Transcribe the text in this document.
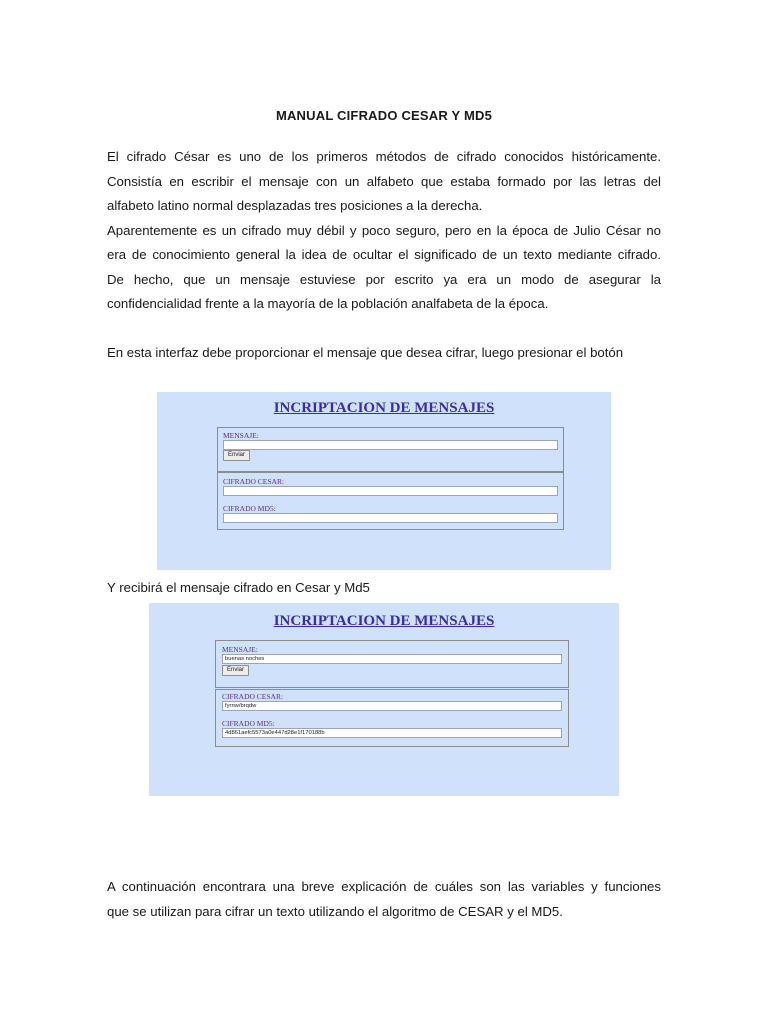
MANUAL CIFRADO CESAR Y MD5
El cifrado César es uno de los primeros métodos de cifrado conocidos históricamente.
Consistía en escribir el mensaje con un alfabeto que estaba formado por las letras del
alfabeto latino normal desplazadas tres posiciones a la derecha.
Aparentemente es un cifrado muy débil y poco seguro, pero en la época de Julio César no
era de conocimiento general la idea de ocultar el significado de un texto mediante cifrado.
De hecho, que un mensaje estuviese por escrito ya era un modo de asegurar la
confidencialidad frente a la mayoría de la población analfabeta de la época.
En esta interfaz debe proporcionar el mensaje que desea cifrar, luego presionar el botón
INCRIPTACION DE MENSAJES
MENSAJE:
Enviar
CIFRADO CESAR:
CIFRADO MD5:
Y recibirá el mensaje cifrado en Cesar y Md5
INCRIPTACION DE MENSAJES
MENSAJE:
buenas noches
Enviar
CIFRADO CESAR:
fyrnw/brqdw
CIFRADO MD5:
4d861aefc5573a0e447d28e1f170188b
A continuación encontrara una breve explicación de cuáles son las variables y funciones
que se utilizan para cifrar un texto utilizando el algoritmo de CESAR y el MD5.
